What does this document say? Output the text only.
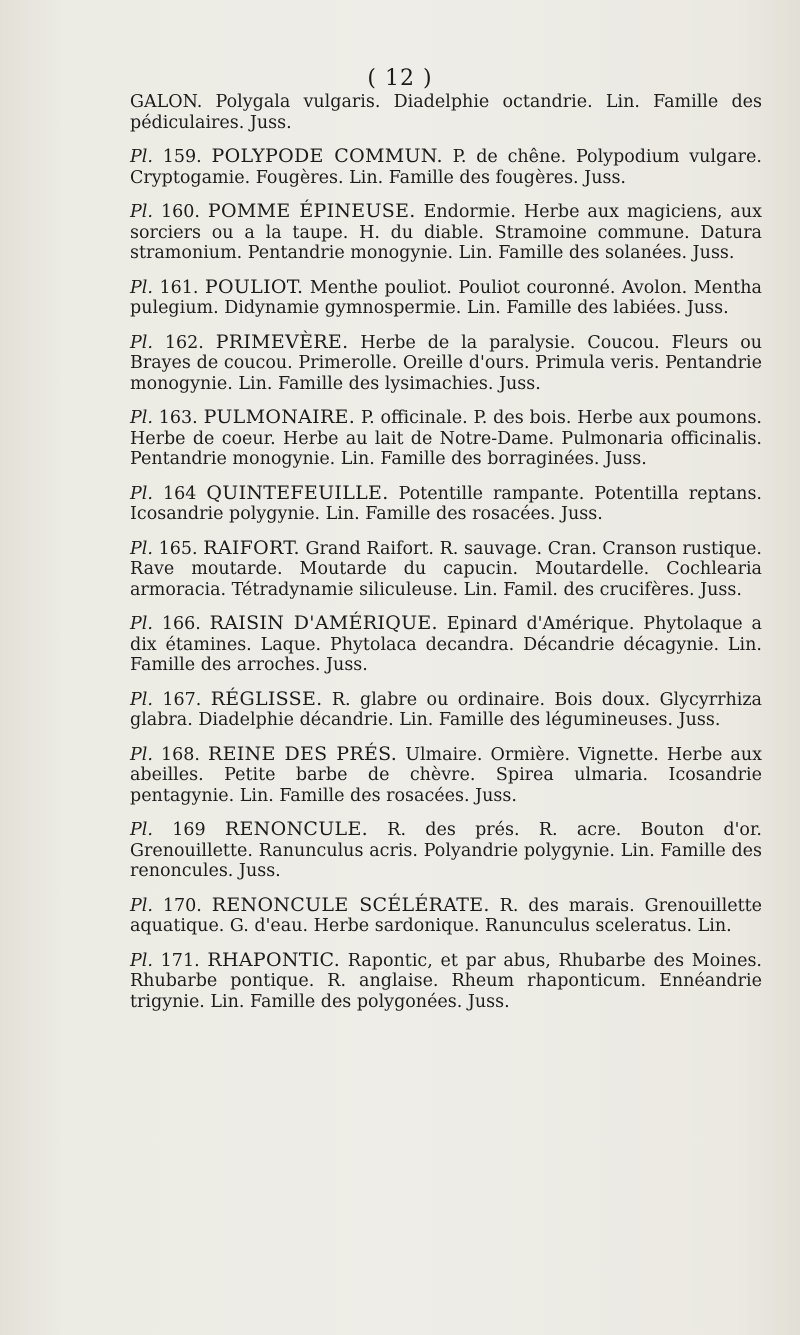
( 12 )

GALON. Polygala vulgaris. Diadelphie octandrie. Lin. Famille des pédiculaires. Juss.

Pl. 159. POLYPODE COMMUN. P. de chêne. Polypodium vulgare. Cryptogamie. Fougères. Lin. Famille des fougères. Juss.

Pl. 160. POMME ÉPINEUSE. Endormie. Herbe aux magiciens, aux sorciers ou a la taupe. H. du diable. Stramoine commune. Datura stramonium. Pentandrie monogynie. Lin. Famille des solanées. Juss.

Pl. 161. POULIOT. Menthe pouliot. Pouliot couronné. Avolon. Mentha pulegium. Didynamie gymnospermie. Lin. Famille des labiées. Juss.

Pl. 162. PRIMEVÈRE. Herbe de la paralysie. Coucou. Fleurs ou Brayes de coucou. Primerolle. Oreille d'ours. Primula veris. Pentandrie monogynie. Lin. Famille des lysimachies. Juss.

Pl. 163. PULMONAIRE. P. officinale. P. des bois. Herbe aux poumons. Herbe de coeur. Herbe au lait de Notre-Dame. Pulmonaria officinalis. Pentandrie monogynie. Lin. Famille des borraginées. Juss.

Pl. 164 QUINTEFEUILLE. Potentille rampante. Potentilla reptans. Icosandrie polygynie. Lin. Famille des rosacées. Juss.

Pl. 165. RAIFORT. Grand Raifort. R. sauvage. Cran. Cranson rustique. Rave moutarde. Moutarde du capucin. Moutardelle. Cochlearia armoracia. Tétradynamie siliculeuse. Lin. Famil. des crucifères. Juss.

Pl. 166. RAISIN D'AMÉRIQUE. Epinard d'Amérique. Phytolaque a dix étamines. Laque. Phytolaca decandra. Décandrie décagynie. Lin. Famille des arroches. Juss.

Pl. 167. RÉGLISSE. R. glabre ou ordinaire. Bois doux. Glycyrrhiza glabra. Diadelphie décandrie. Lin. Famille des légumineuses. Juss.

Pl. 168. REINE DES PRÉS. Ulmaire. Ormière. Vignette. Herbe aux abeilles. Petite barbe de chèvre. Spirea ulmaria. Icosandrie pentagynie. Lin. Famille des rosacées. Juss.

Pl. 169 RENONCULE. R. des prés. R. acre. Bouton d'or. Grenouillette. Ranunculus acris. Polyandrie polygynie. Lin. Famille des renoncules. Juss.

Pl. 170. RENONCULE SCÉLÉRATE. R. des marais. Grenouillette aquatique. G. d'eau. Herbe sardonique. Ranunculus sceleratus. Lin.

Pl. 171. RHAPONTIC. Rapontic, et par abus, Rhubarbe des Moines. Rhubarbe pontique. R. anglaise. Rheum rhaponticum. Ennéandrie trigynie. Lin. Famille des polygonées. Juss.
